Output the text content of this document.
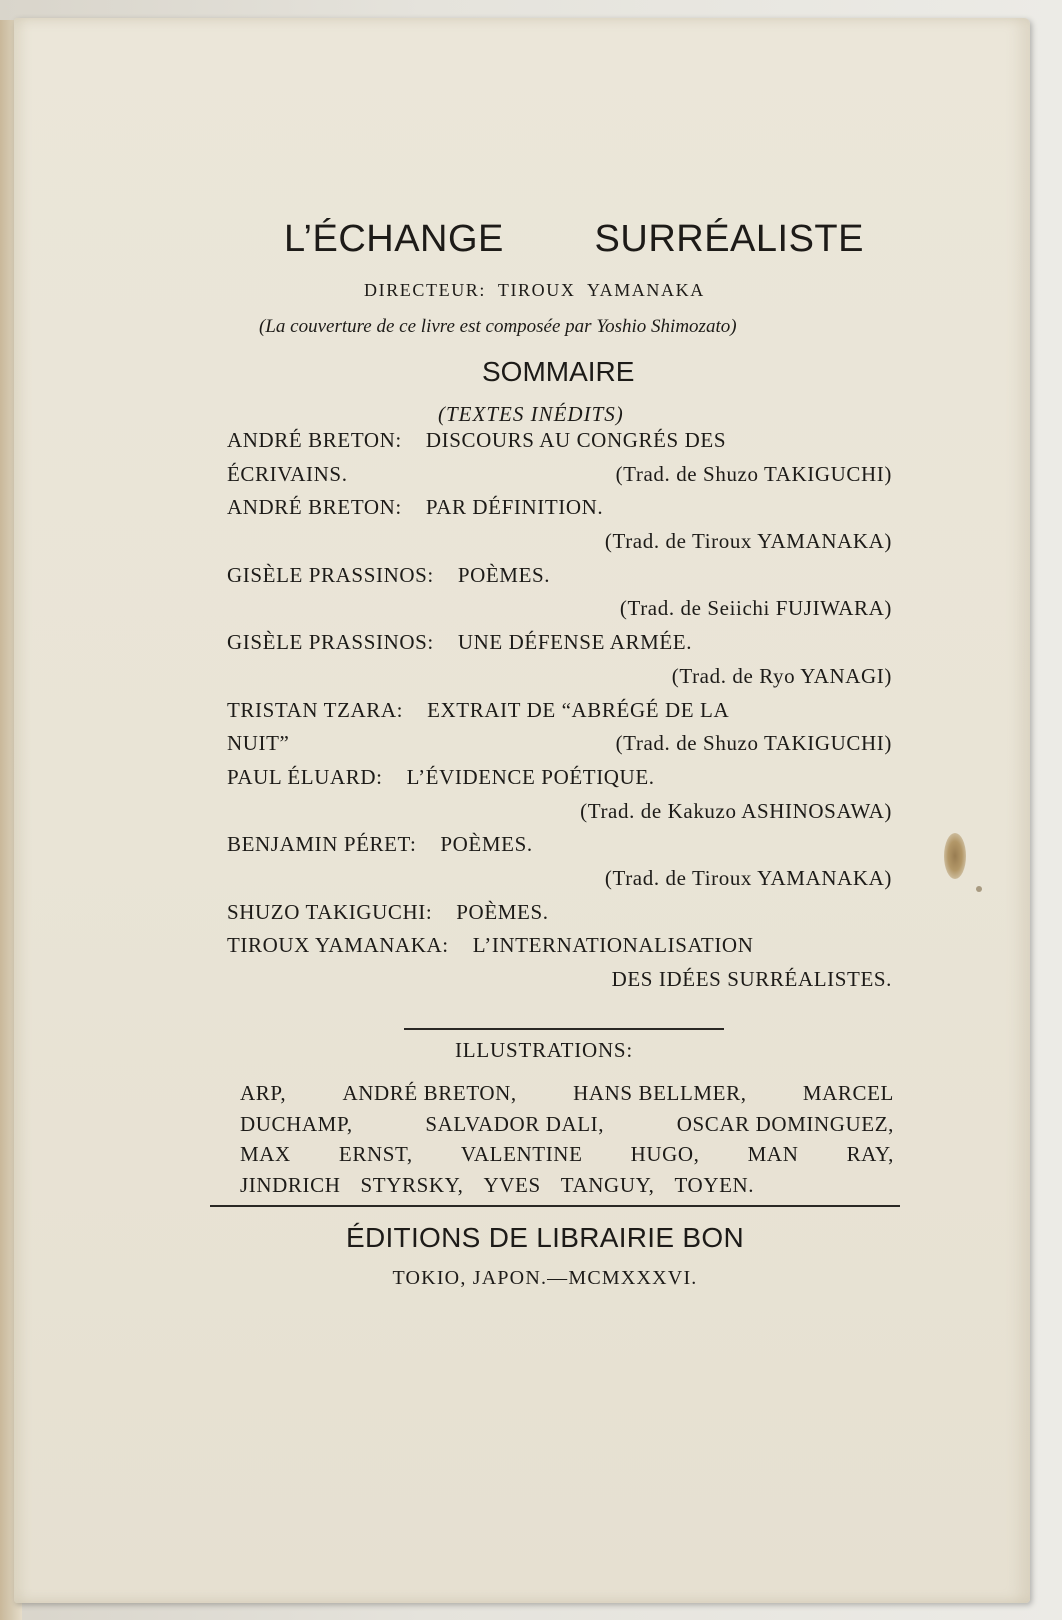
L’ÉCHANGE SURRÉALISTE
DIRECTEUR:  TIROUX  YAMANAKA
(La couverture de ce livre est composée par Yoshio Shimozato)
SOMMAIRE
(TEXTES INÉDITS)
ANDRÉ BRETON: DISCOURS AU CONGRÉS DES
ÉCRIVAINS.	(Trad. de Shuzo TAKIGUCHI)
ANDRÉ BRETON: PAR DÉFINITION.
(Trad. de Tiroux YAMANAKA)
GISÈLE PRASSINOS: POÈMES.
(Trad. de Seiichi FUJIWARA)
GISÈLE PRASSINOS: UNE DÉFENSE ARMÉE.
(Trad. de Ryo YANAGI)
TRISTAN TZARA: EXTRAIT DE “ABRÉGÉ DE LA
NUIT”	(Trad. de Shuzo TAKIGUCHI)
PAUL ÉLUARD: L’ÉVIDENCE POÉTIQUE.
(Trad. de Kakuzo ASHINOSAWA)
BENJAMIN PÉRET: POÈMES.
(Trad. de Tiroux YAMANAKA)
SHUZO TAKIGUCHI: POÈMES.
TIROUX YAMANAKA: L’INTERNATIONALISATION
DES IDÉES SURRÉALISTES.
ILLUSTRATIONS:
ARP,	ANDRÉ BRETON,	HANS BELLMER,	MARCEL
DUCHAMP,	SALVADOR DALI,	OSCAR DOMINGUEZ,
MAX ERNST, VALENTINE HUGO, MAN RAY,
JINDRICH STYRSKY, YVES TANGUY, TOYEN.
ÉDITIONS DE LIBRAIRIE BON
TOKIO, JAPON.—MCMXXXVI.
